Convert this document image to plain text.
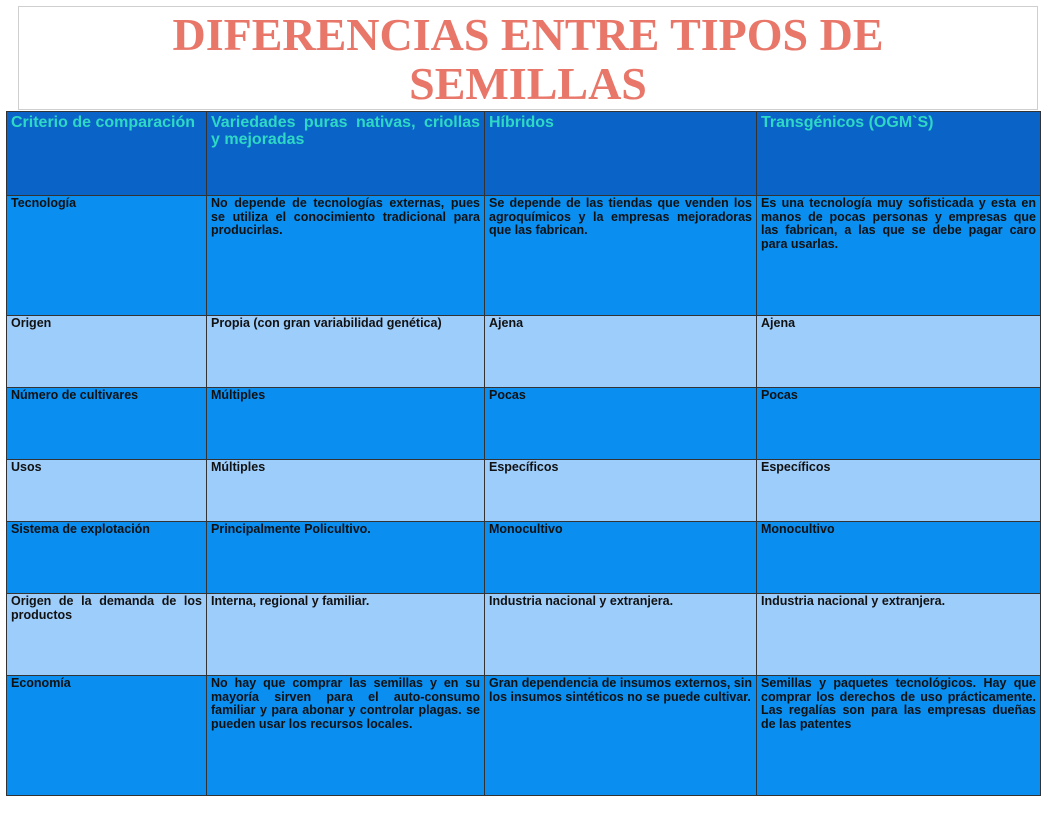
DIFERENCIAS ENTRE TIPOS DE
SEMILLAS
Criterio de comparación	Variedades puras nativas, criollas y mejoradas	Híbridos	Transgénicos (OGM`S)
Tecnología	No depende de tecnologías externas, pues se utiliza el conocimiento tradicional para producirlas.	Se depende de las tiendas que venden los agroquímicos y la empresas mejoradoras que las fabrican.	Es una tecnología muy sofisticada y esta en manos de pocas personas y empresas que las fabrican, a las que se debe pagar caro para usarlas.
Origen	Propia (con gran variabilidad genética)	Ajena	Ajena
Número de cultivares	Múltiples	Pocas	Pocas
Usos	Múltiples	Específicos	Específicos
Sistema de explotación	Principalmente Policultivo.	Monocultivo	Monocultivo
Origen de la demanda de los productos	Interna, regional y familiar.	Industria nacional y extranjera.	Industria nacional y extranjera.
Economía	No hay que comprar las semillas y en su mayoría sirven para el auto-consumo familiar y para abonar y controlar plagas. se pueden usar los recursos locales.	Gran dependencia de insumos externos, sin los insumos sintéticos no se puede cultivar.	Semillas y paquetes tecnológicos. Hay que comprar los derechos de uso prácticamente. Las regalías son para las empresas dueñas de las patentes
